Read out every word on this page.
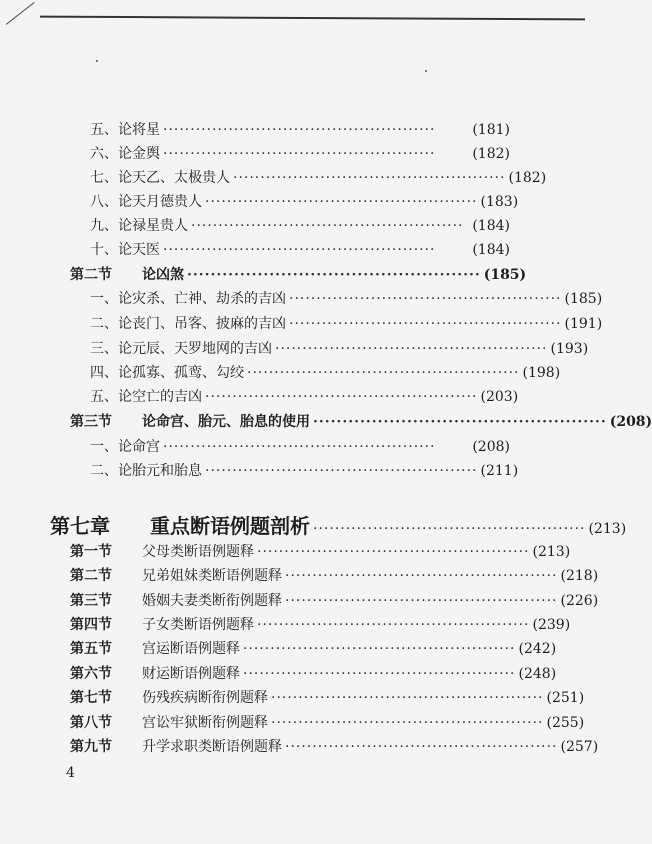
五、论将星 ··················································	(181)
六、论金舆 ··················································	(182)
七、论天乙、太极贵人 ·················································· (182)
八、论天月德贵人 ·················································· (183)
九、论禄星贵人 ·················································· (184)
十、论天医 ··················································	(184)
第二节 论凶煞 ·················································· (185)
一、论灾杀、亡神、劫杀的吉凶 ·················································· (185)
二、论丧门、吊客、披麻的吉凶 ·················································· (191)
三、论元辰、天罗地网的吉凶 ·················································· (193)
四、论孤寡、孤鸾、勾绞 ·················································· (198)
五、论空亡的吉凶 ·················································· (203)
第三节 论命宫、胎元、胎息的使用 ·················································· (208)
一、论命宫 ··················································	(208)
二、论胎元和胎息 ·················································· (211)
第七章 重点断语例题剖析 ·················································· (213)
第一节 父母类断语例题释 ·················································· (213)
第二节 兄弟姐妹类断语例题释 ·················································· (218)
第三节 婚姻夫妻类断衔例题释 ·················································· (226)
第四节 子女类断语例题释 ·················································· (239)
第五节 宫运断语例题释 ·················································· (242)
第六节 财运断语例题释 ·················································· (248)
第七节 伤残疾病断衔例题释 ·················································· (251)
第八节 宫讼牢狱断衔例题释 ·················································· (255)
第九节 升学求职类断语例题释 ·················································· (257)
4
